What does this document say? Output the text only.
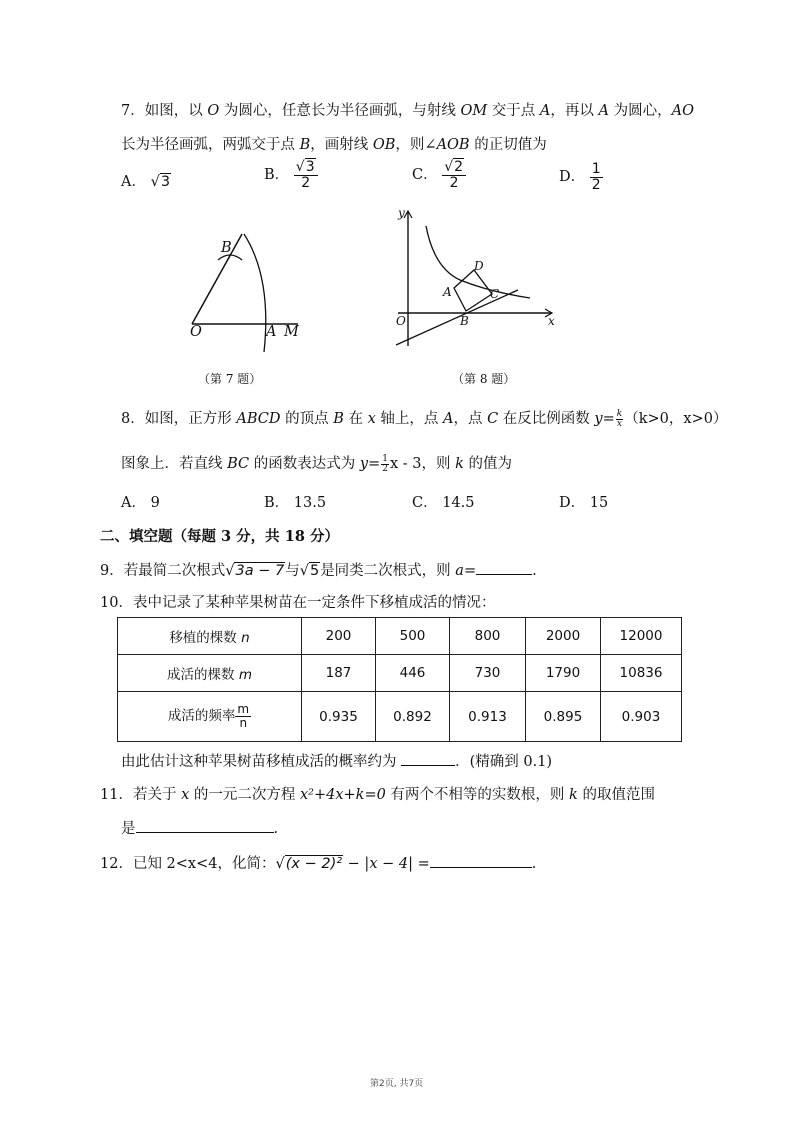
7．如图，以 O 为圆心，任意长为半径画弧，与射线 OM 交于点 A，再以 A 为圆心，AO
长为半径画弧，两弧交于点 B，画射线 OB，则∠AOB 的正切值为
A． √3	B． $\frac{√3}{2}$	C． $\frac{√2}{2}$	D． $\frac{1}{2}$
B
O	A M
（第 7 题）
y
x
O
A
B
C
D
（第 8 题）
8．如图，正方形 ABCD 的顶点 B 在 x 轴上，点 A，点 C 在反比例函数 $y= \frac{k}{x} (k>0$，x>0）
图象上．若直线 BC 的函数表达式为 $y= \frac{1}{2}$ x - 3，则 k 的值为
A． 9	B． 13.5	C． 14.5	D． 15
二、填空题（每题 3 分，共 18 分）
9．若最简二次根式√3a − 7与√5是同类二次根式，则 a=	.
10．表中记录了某种苹果树苗在一定条件下移植成活的情况：
移植的棵数 n	200	500	800	2000	12000
成活的棵数 m	187	446	730	1790	10836
成活的频率 $\frac{m}{n}$	0.935	0.892	0.913	0.895	0.903
由此估计这种苹果树苗移植成活的概率约为	．(精确到 0.1)
11．若关于 x 的一元二次方程 x²+4x+k=0 有两个不相等的实数根，则 k 的取值范围
是	.
12．已知 2<x<4，化简：√(x − 2)² − |x − 4| =	.
第2页, 共7页
